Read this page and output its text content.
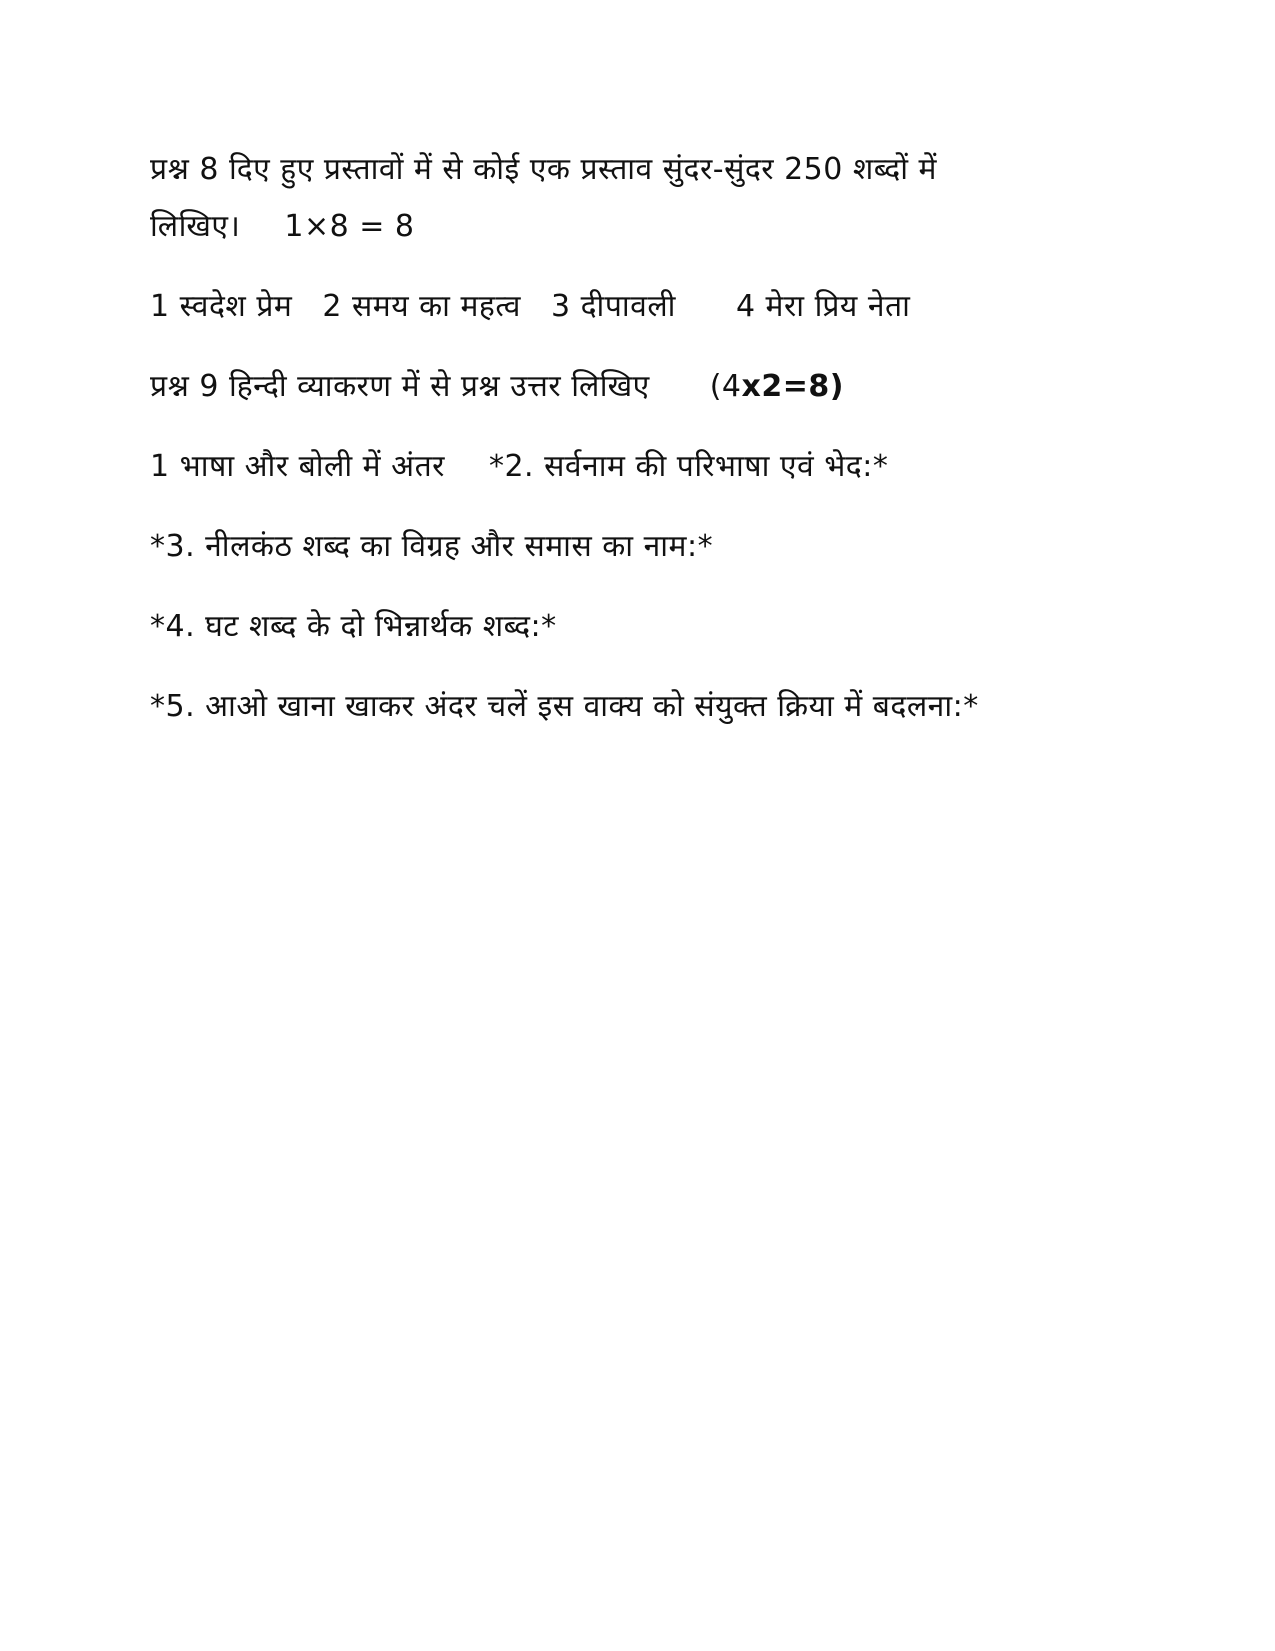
प्रश्न 8 दिए हुए प्रस्तावों में से कोई एक प्रस्ताव सुंदर-सुंदर 250 शब्दों में
लिखिए। 1×8 = 8
1 स्वदेश प्रेम 2 समय का महत्व 3 दीपावली 4 मेरा प्रिय नेता
प्रश्न 9 हिन्दी व्याकरण में से प्रश्न उत्तर लिखिए (4x2=8)
1 भाषा और बोली में अंतर *2. सर्वनाम की परिभाषा एवं भेद:*
*3. नीलकंठ शब्द का विग्रह और समास का नाम:*
*4. घट शब्द के दो भिन्नार्थक शब्द:*
*5. आओ खाना खाकर अंदर चलें इस वाक्य को संयुक्त क्रिया में बदलना:*
